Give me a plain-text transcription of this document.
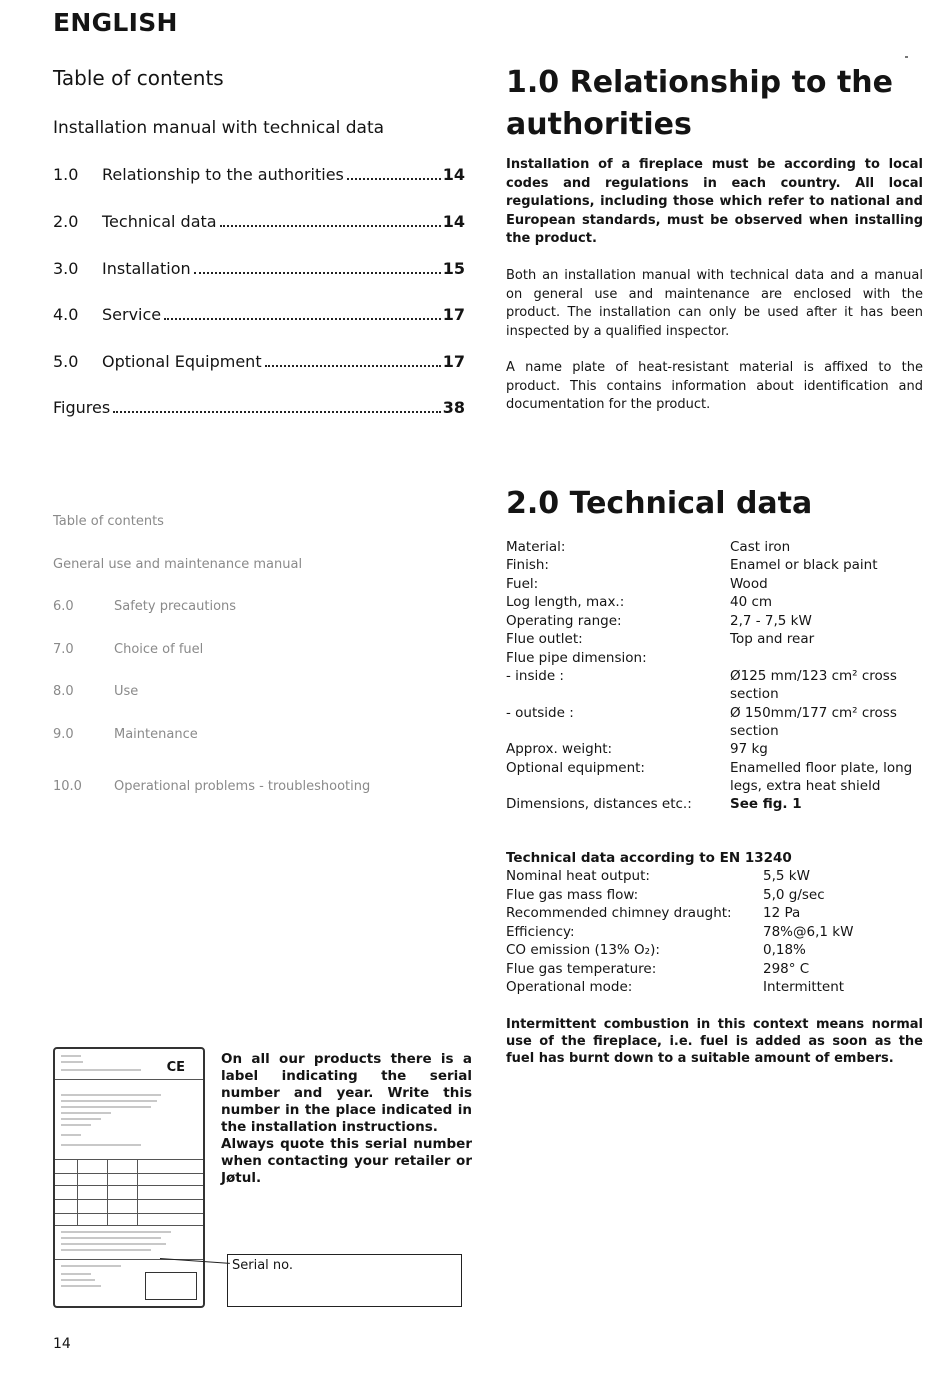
ENGLISH
Table of contents
Installation manual with technical data
1.0	Relationship to the authorities	14
2.0	Technical data	14
3.0	Installation	15
4.0	Service	17
5.0	Optional Equipment	17
Figures	38
Table of contents
General use and maintenance manual
6.0	Safety precautions
7.0	Choice of fuel
8.0	Use
9.0	Maintenance
10.0	Operational problems - troubleshooting
1.0 Relationship to the authorities
Installation of a fireplace must be according to local codes and regulations in each country. All local regulations, including those which refer to national and European standards, must be observed when installing the product.
Both an installation manual with technical data and a manual on general use and maintenance are enclosed with the product. The installation can only be used after it has been inspected by a qualified inspector.
A name plate of heat-resistant material is affixed to the product. This contains information about identification and documentation for the product.
2.0 Technical data
Material:	Cast iron
Finish:	Enamel or black paint
Fuel:	Wood
Log length, max.:	40 cm
Operating range:	2,7 - 7,5 kW
Flue outlet:	Top and rear
Flue pipe dimension:
- inside :	Ø125 mm/123 cm² cross section
- outside :	Ø 150mm/177 cm² cross section
Approx. weight:	97 kg
Optional equipment:	Enamelled floor plate, long legs, extra heat shield
Dimensions, distances etc.:	See fig. 1
Technical data according to EN 13240
Nominal heat output:	5,5 kW
Flue gas mass flow:	5,0 g/sec
Recommended chimney draught:	12 Pa
Efficiency:	78%@6,1 kW
CO emission (13% O₂):	0,18%
Flue gas temperature:	298° C
Operational mode:	Intermittent
Intermittent combustion in this context means normal use of the fireplace, i.e. fuel is added as soon as the fuel has burnt down to a suitable amount of embers.
CE
Serial no.
On all our products there is a label indicating the serial number and year. Write this number in the place indicated in the installation instructions.
Always quote this serial number when contacting your retailer or Jøtul.
14
